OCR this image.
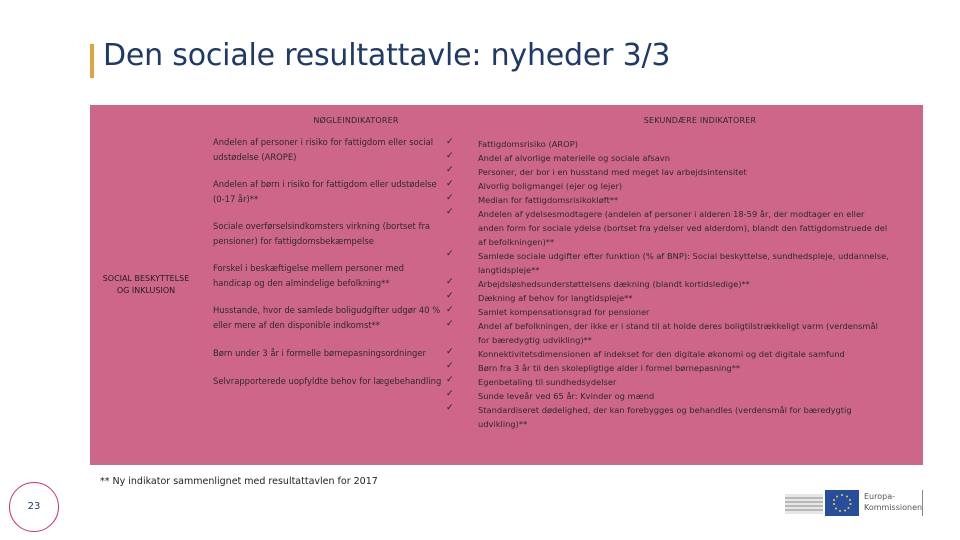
Den sociale resultattavle: nyheder 3/3
NØGLEINDIKATORER	SEKUNDÆRE INDIKATORER
SOCIAL BESKYTTELSE OG INKLUSION
Andelen af personer i risiko for fattigdom eller social udstødelse (AROPE)
Andelen af børn i risiko for fattigdom eller udstødelse (0-17 år)**
Sociale overførselsindkomsters virkning (bortset fra pensioner) for fattigdomsbekæmpelse
Forskel i beskæftigelse mellem personer med handicap og den almindelige befolkning**
Husstande, hvor de samlede boligudgifter udgør 40 % eller mere af den disponible indkomst**
Børn under 3 år i formelle børnepasningsordninger
Selvrapporterede uopfyldte behov for lægebehandling
✓
✓
✓
✓
✓
✓
✓
✓
✓
✓
✓
✓
✓
✓
✓
✓
Fattigdomsrisiko (AROP)
Andel af alvorlige materielle og sociale afsavn
Personer, der bor i en husstand med meget lav arbejdsintensitet
Alvorlig boligmangel (ejer og lejer)
Median for fattigdomsrisikokløft**
Andelen af ydelsesmodtagere (andelen af personer i alderen 18-59 år, der modtager en eller
anden form for sociale ydelse (bortset fra ydelser ved alderdom), blandt den fattigdomstruede del
af befolkningen)**
Samlede sociale udgifter efter funktion (% af BNP): Social beskyttelse, sundhedspleje, uddannelse,
langtidspleje**
Arbejdsløshedsunderstøttelsens dækning (blandt kortidsledige)**
Dækning af behov for langtidspleje**
Samlet kompensationsgrad for pensioner
Andel af befolkningen, der ikke er i stand til at holde deres boligtilstrækkeligt varm (verdensmål
for bæredygtig udvikling)**
Konnektivitetsdimensionen af indekset for den digitale økonomi og det digitale samfund
Børn fra 3 år til den skolepligtige alder i formel børnepasning**
Egenbetaling til sundhedsydelser
Sunde leveår ved 65 år: Kvinder og mænd
Standardiseret dødelighed, der kan forebygges og behandles (verdensmål for bæredygtig
udvikling)**
** Ny indikator sammenlignet med resultattavlen for 2017
23
Europa-
Kommissionen
